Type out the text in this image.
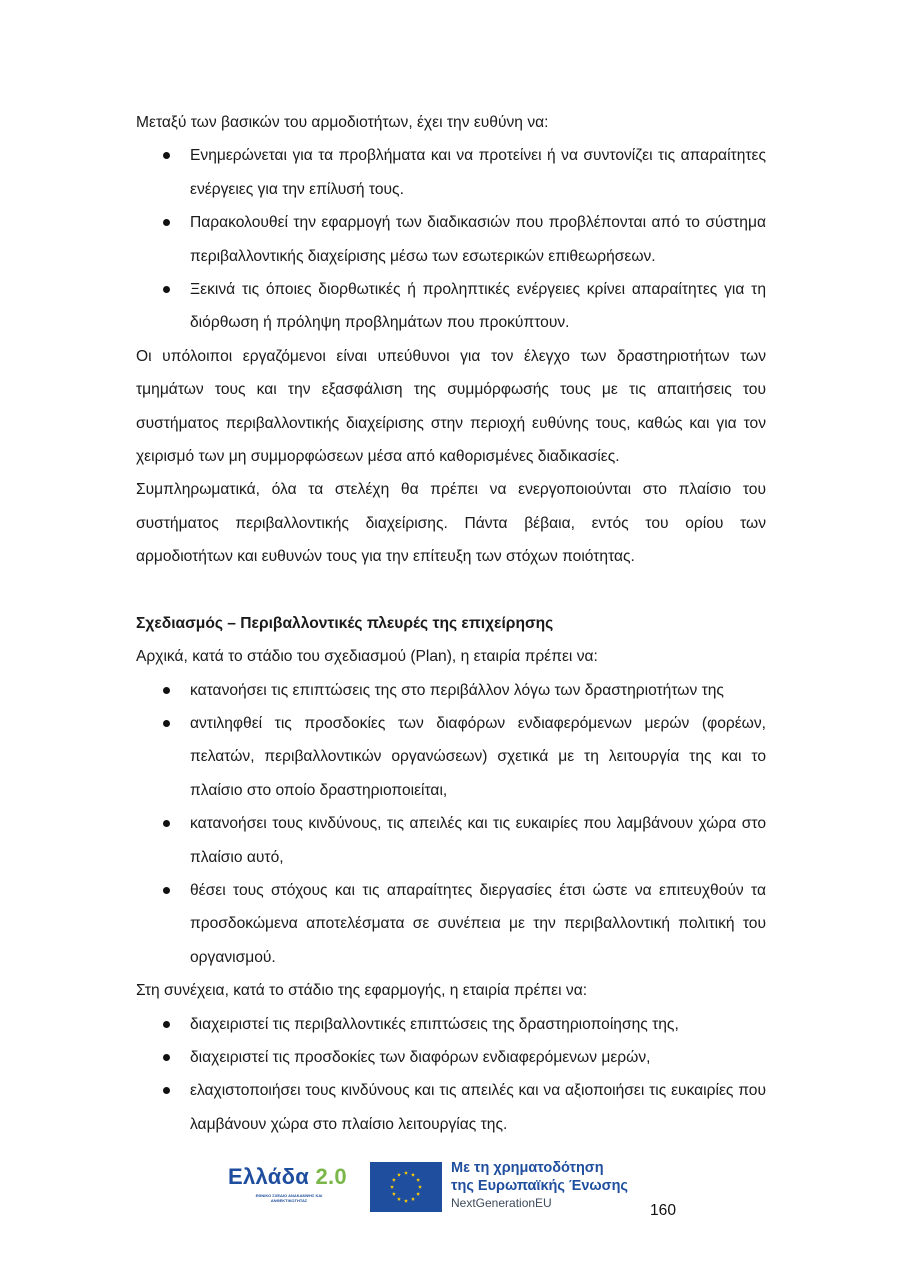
Μεταξύ των βασικών του αρμοδιοτήτων, έχει την ευθύνη να:

Ενημερώνεται για τα προβλήματα και να προτείνει ή να συντονίζει τις απαραίτητες ενέργειες για την επίλυσή τους.
Παρακολουθεί την εφαρμογή των διαδικασιών που προβλέπονται από το σύστημα περιβαλλοντικής διαχείρισης μέσω των εσωτερικών επιθεωρήσεων.
Ξεκινά τις όποιες διορθωτικές ή προληπτικές ενέργειες κρίνει απαραίτητες για τη διόρθωση ή πρόληψη προβλημάτων που προκύπτουν.

Οι υπόλοιποι εργαζόμενοι είναι υπεύθυνοι για τον έλεγχο των δραστηριοτήτων των τμημάτων τους και την εξασφάλιση της συμμόρφωσής τους με τις απαιτήσεις του συστήματος περιβαλλοντικής διαχείρισης στην περιοχή ευθύνης τους, καθώς και για τον χειρισμό των μη συμμορφώσεων μέσα από καθορισμένες διαδικασίες.

Συμπληρωματικά, όλα τα στελέχη θα πρέπει να ενεργοποιούνται στο πλαίσιο του συστήματος περιβαλλοντικής διαχείρισης. Πάντα βέβαια, εντός του ορίου των αρμοδιοτήτων και ευθυνών τους για την επίτευξη των στόχων ποιότητας.

Σχεδιασμός – Περιβαλλοντικές πλευρές της επιχείρησης

Αρχικά, κατά το στάδιο του σχεδιασμού (Plan), η εταιρία πρέπει να:

κατανοήσει τις επιπτώσεις της στο περιβάλλον λόγω των δραστηριοτήτων της
αντιληφθεί τις προσδοκίες των διαφόρων ενδιαφερόμενων μερών (φορέων, πελατών, περιβαλλοντικών οργανώσεων) σχετικά με τη λειτουργία της και το πλαίσιο στο οποίο δραστηριοποιείται,
κατανοήσει τους κινδύνους, τις απειλές και τις ευκαιρίες που λαμβάνουν χώρα στο πλαίσιο αυτό,
θέσει τους στόχους και τις απαραίτητες διεργασίες έτσι ώστε να επιτευχθούν τα προσδοκώμενα αποτελέσματα σε συνέπεια με την περιβαλλοντική πολιτική του οργανισμού.

Στη συνέχεια, κατά το στάδιο της εφαρμογής, η εταιρία πρέπει να:

διαχειριστεί τις περιβαλλοντικές επιπτώσεις της δραστηριοποίησης της,
διαχειριστεί τις προσδοκίες των διαφόρων ενδιαφερόμενων μερών,
ελαχιστοποιήσει τους κινδύνους και τις απειλές και να αξιοποιήσει τις ευκαιρίες που λαμβάνουν χώρα στο πλαίσιο λειτουργίας της.
Ελλάδα 2.0
ΕΘΝΙΚΟ ΣΧΕΔΙΟ ΑΝΑΚΑΜΨΗΣ ΚΑΙ ΑΝΘΕΚΤΙΚΟΤΗΤΑΣ
Με τη χρηματοδότηση
της Ευρωπαϊκής Ένωσης
NextGenerationEU	160
